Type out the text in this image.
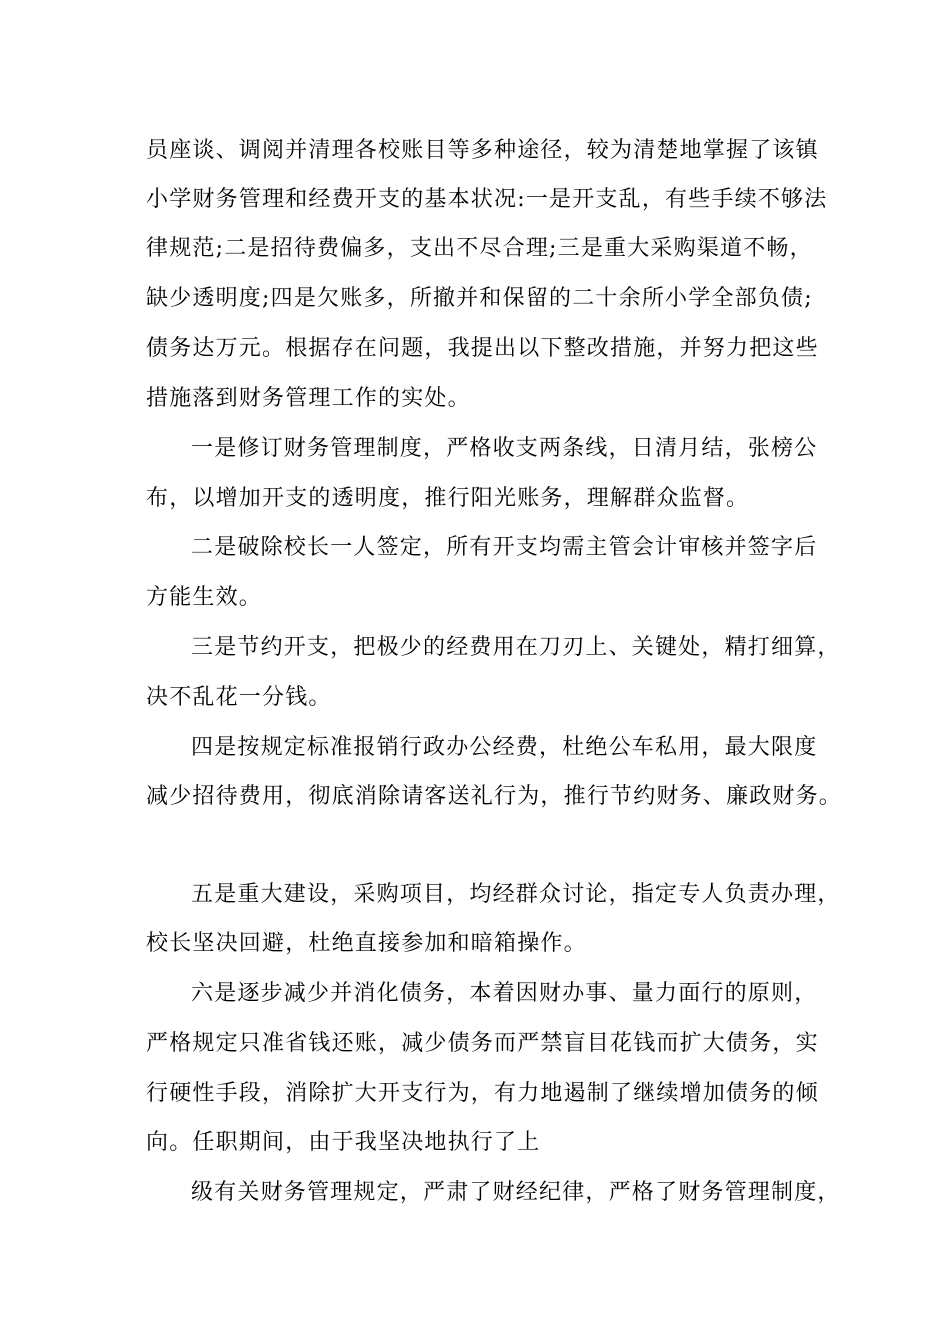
员座谈、调阅并清理各校账目等多种途径，较为清楚地掌握了该镇

小学财务管理和经费开支的基本状况:一是开支乱，有些手续不够法

律规范;二是招待费偏多，支出不尽合理;三是重大采购渠道不畅，

缺少透明度;四是欠账多，所撤并和保留的二十余所小学全部负债;

债务达万元。根据存在问题，我提出以下整改措施，并努力把这些

措施落到财务管理工作的实处。

一是修订财务管理制度，严格收支两条线，日清月结，张榜公

布，以增加开支的透明度，推行阳光账务，理解群众监督。

二是破除校长一人签定，所有开支均需主管会计审核并签字后

方能生效。

三是节约开支，把极少的经费用在刀刃上、关键处，精打细算，

决不乱花一分钱。

四是按规定标准报销行政办公经费，杜绝公车私用，最大限度

减少招待费用，彻底消除请客送礼行为，推行节约财务、廉政财务。

五是重大建设，采购项目，均经群众讨论，指定专人负责办理，

校长坚决回避，杜绝直接参加和暗箱操作。

六是逐步减少并消化债务，本着因财办事、量力面行的原则，

严格规定只准省钱还账，减少债务而严禁盲目花钱而扩大债务，实

行硬性手段，消除扩大开支行为，有力地遏制了继续增加债务的倾

向。任职期间，由于我坚决地执行了上

级有关财务管理规定，严肃了财经纪律，严格了财务管理制度，
